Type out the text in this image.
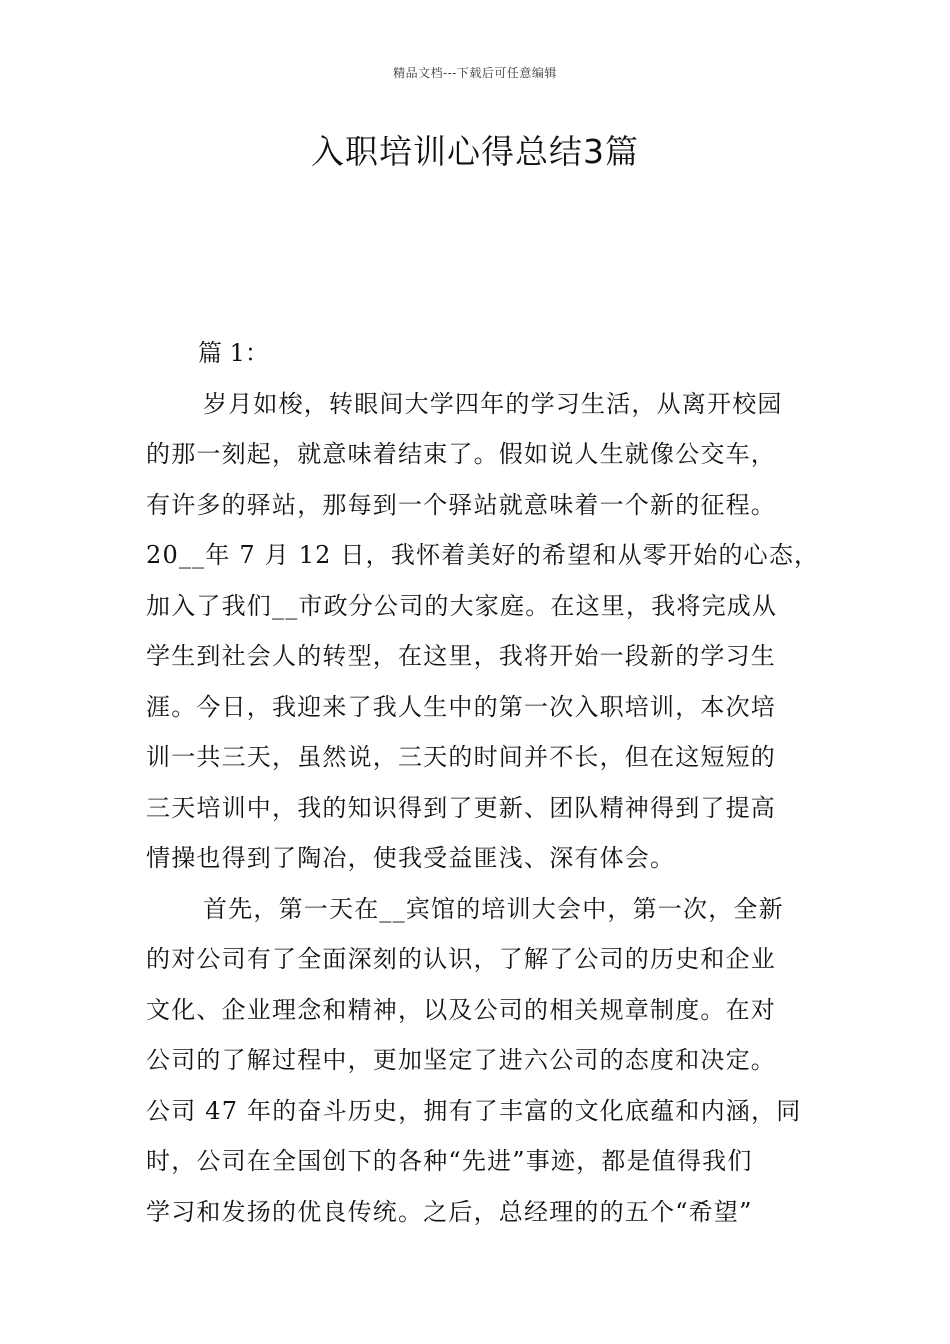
精品文档---下载后可任意编辑
入职培训心得总结3篇

篇 1：

岁月如梭，转眼间大学四年的学习生活，从离开校园

的那一刻起，就意味着结束了。假如说人生就像公交车，

有许多的驿站，那每到一个驿站就意味着一个新的征程。

20__年 7 月 12 日，我怀着美好的希望和从零开始的心态，

加入了我们__市政分公司的大家庭。在这里，我将完成从

学生到社会人的转型，在这里，我将开始一段新的学习生

涯。今日，我迎来了我人生中的第一次入职培训，本次培

训一共三天，虽然说，三天的时间并不长，但在这短短的

三天培训中，我的知识得到了更新、团队精神得到了提高

情操也得到了陶冶，使我受益匪浅、深有体会。

首先，第一天在__宾馆的培训大会中，第一次，全新

的对公司有了全面深刻的认识，了解了公司的历史和企业

文化、企业理念和精神，以及公司的相关规章制度。在对

公司的了解过程中，更加坚定了进六公司的态度和决定。

公司 47 年的奋斗历史，拥有了丰富的文化底蕴和内涵，同

时，公司在全国创下的各种“先进”事迹，都是值得我们

学习和发扬的优良传统。之后，总经理的的五个“希望”
